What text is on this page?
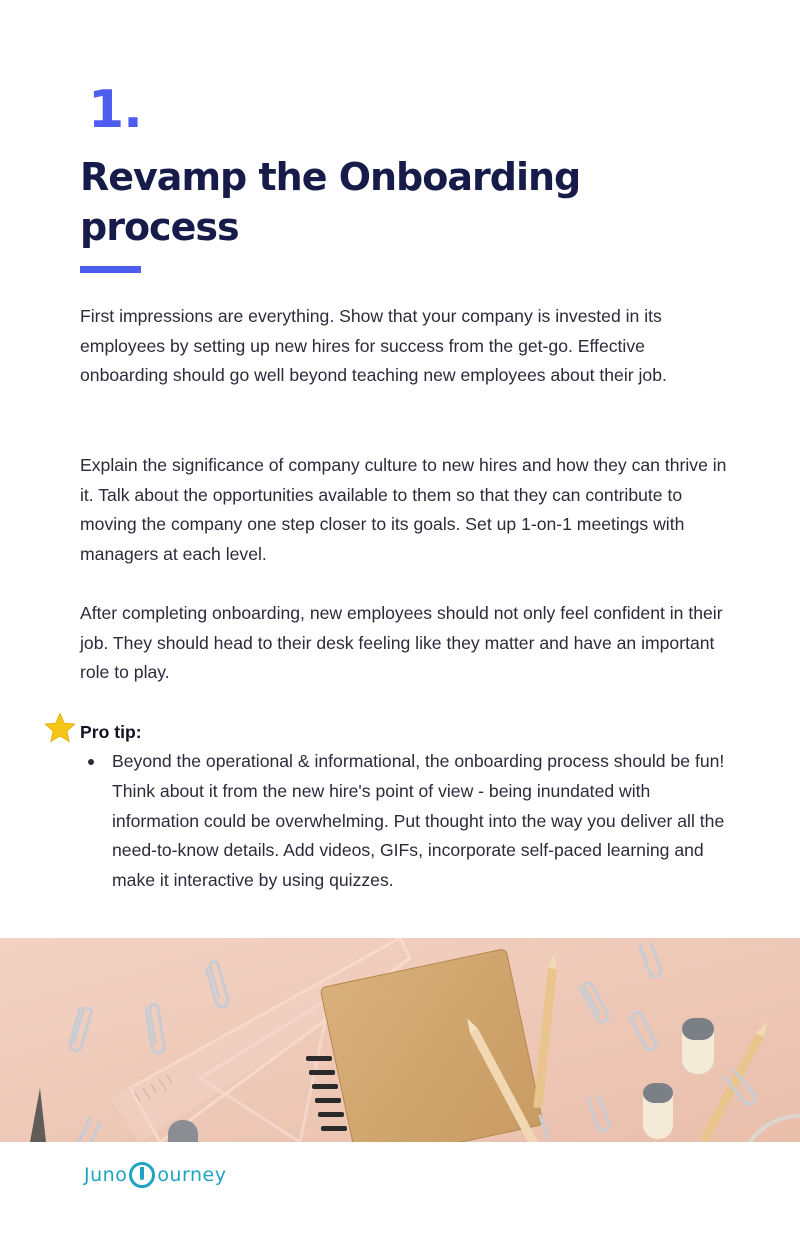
1.
Revamp the Onboarding process

First impressions are everything. Show that your company is invested in its employees by setting up new hires for success from the get-go. Effective onboarding should go well beyond teaching new employees about their job.

Explain the significance of company culture to new hires and how they can thrive in it. Talk about the opportunities available to them so that they can contribute to moving the company one step closer to its goals. Set up 1-on-1 meetings with managers at each level.

After completing onboarding, new employees should not only feel confident in their job. They should head to their desk feeling like they matter and have an important role to play.

Pro tip:
Beyond the operational & informational, the onboarding process should be fun! Think about it from the new hire's point of view - being inundated with information could be overwhelming. Put thought into the way you deliver all the need-to-know details. Add videos, GIFs, incorporate self-paced learning and make it interactive by using quizzes.
Juno ourney
